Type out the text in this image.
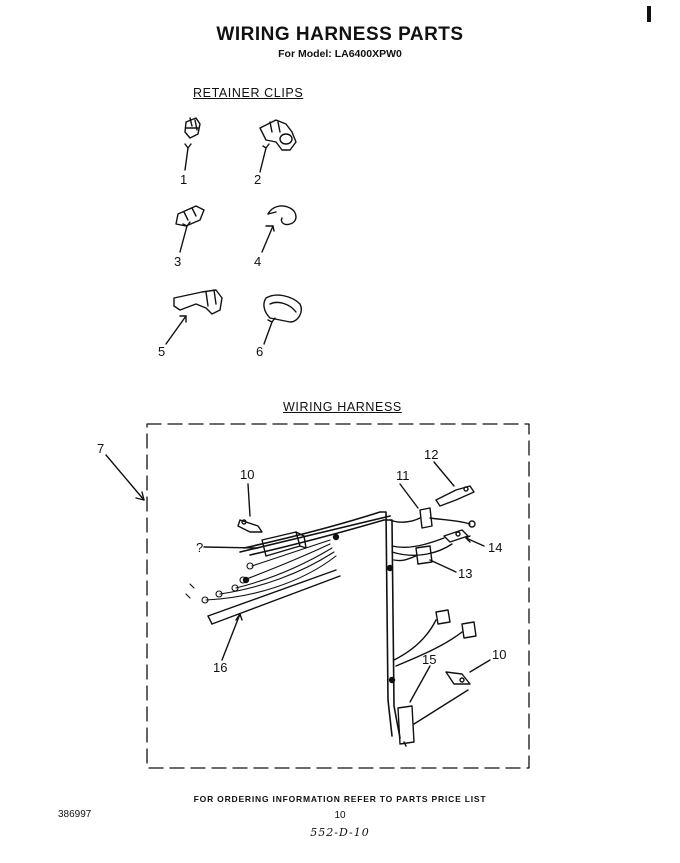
WIRING HARNESS PARTS
For Model: LA6400XPW0
RETAINER CLIPS
WIRING HARNESS
1	2
3	4
5	6
7
?
10	11
12
13
14
15	10
16
FOR ORDERING INFORMATION REFER TO PARTS PRICE LIST
386997	10
552-D-10
